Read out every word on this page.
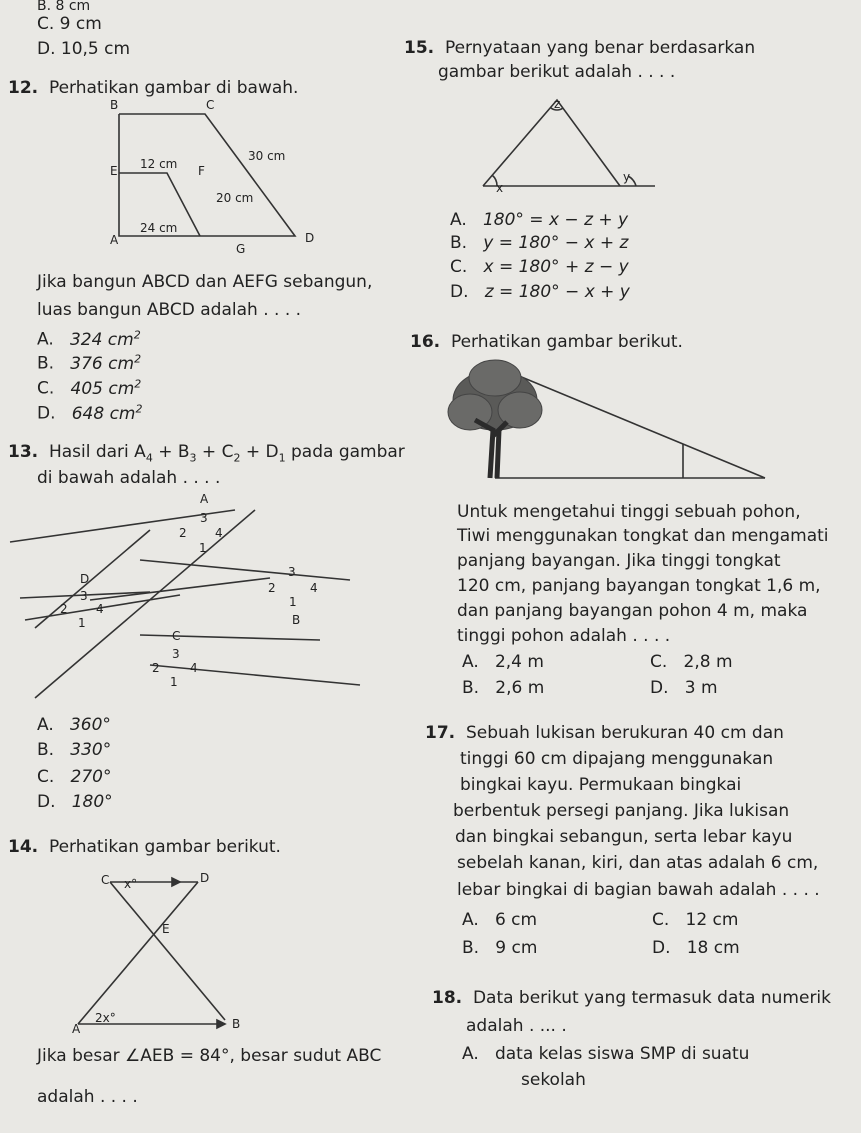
B. 8 cm
C. 9 cm
D. 10,5 cm
12. Perhatikan gambar di bawah.
B	C
E	F
A
G
D
30 cm
12 cm
20 cm
24 cm
Jika bangun ABCD dan AEFG sebangun,
luas bangun ABCD adalah . . . .
A. 324 $cm^2$
B. 376 $cm^2$
C. 405 $cm^2$
D. 648 $cm^2$
13. Hasil dari $A_4 + B_3 + C_2 + D_1$ pada gambar
di bawah adalah . . . .
A
3
2 4
1
D
3
2 4
1
3
2	4
1
B
C
3
2	4
1
A. 360°
B. 330°
C. 270°
D. 180°
14. Perhatikan gambar berikut.
C	D
x°
E
A
2x°	B
Jika besar ∠AEB = 84°, besar sudut ABC
adalah . . . .
15. Pernyataan yang benar berdasarkan
gambar berikut adalah . . . .
z
x
y
A. 180° = x − z + y
B. y = 180° − x + z
C. x = 180° + z − y
D. z = 180° − x + y
16. Perhatikan gambar berikut.
Untuk mengetahui tinggi sebuah pohon,
Tiwi menggunakan tongkat dan mengamati
panjang bayangan. Jika tinggi tongkat
120 cm, panjang bayangan tongkat 1,6 m,
dan panjang bayangan pohon 4 m, maka
tinggi pohon adalah . . . .
A. 2,4 m	C. 2,8 m
B. 2,6 m	D. 3 m
17. Sebuah lukisan berukuran 40 cm dan
tinggi 60 cm dipajang menggunakan
bingkai kayu. Permukaan bingkai
berbentuk persegi panjang. Jika lukisan
dan bingkai sebangun, serta lebar kayu
sebelah kanan, kiri, dan atas adalah 6 cm,
lebar bingkai di bagian bawah adalah . . . .
A. 6 cm	C. 12 cm
B. 9 cm	D. 18 cm
18. Data berikut yang termasuk data numerik
adalah . ... .
A. data kelas siswa SMP di suatu
sekolah
